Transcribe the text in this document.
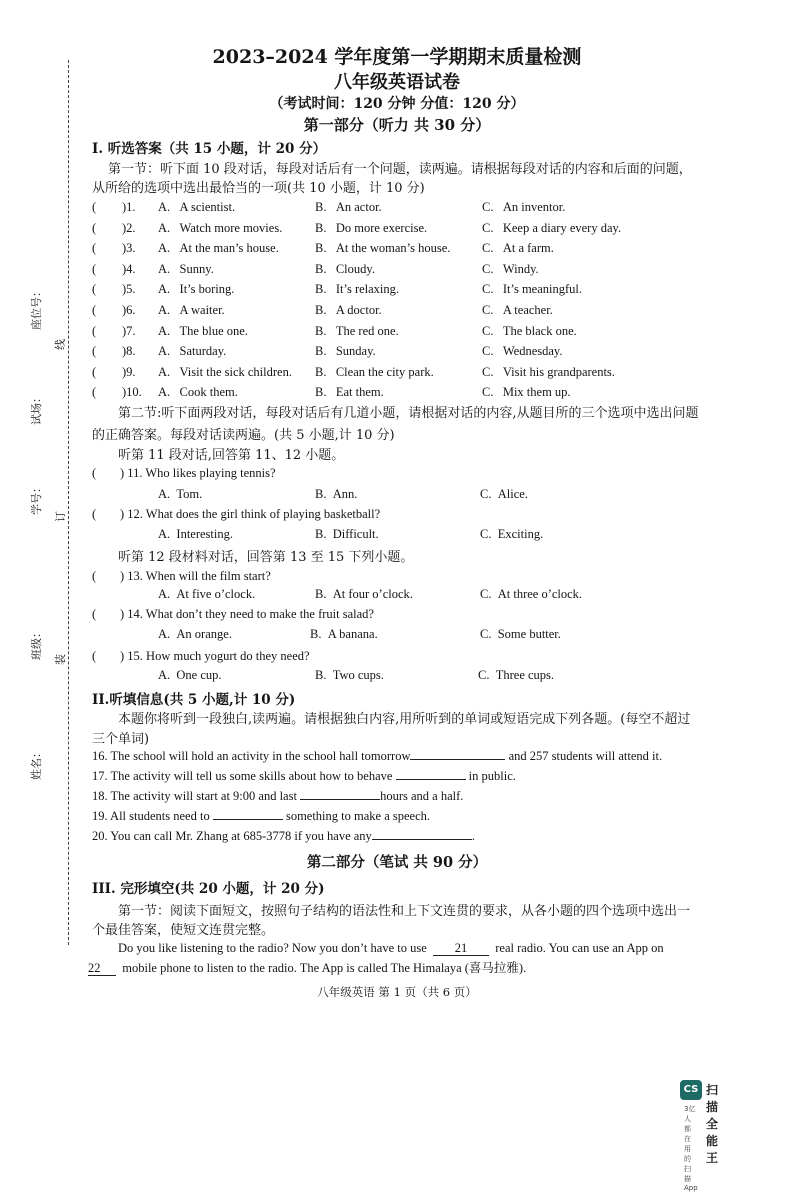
座位号：
线
试场：
学号：
订
班级： 装
姓名：
2023–2024 学年度第一学期期末质量检测
八年级英语试卷
（考试时间：120 分钟 分值：120 分）
第一部分（听力 共 30 分）
I. 听选答案（共 15 小题，计 20 分）
第一节：听下面 10 段对话，每段对话后有一个问题，读两遍。请根据每段对话的内容和后面的问题，
从所给的选项中选出最恰当的一项(共 10 小题，计 10 分)
( )1. A.   A scientist.	B.   An actor.	C.   An inventor.
( )2. A.   Watch more movies.	B.   Do more exercise.	C.   Keep a diary every day.
( )3. A.   At the man’s house.	B.   At the woman’s house.	C.   At a farm.
( )4. A.   Sunny.	B.   Cloudy.	C.   Windy.
( )5. A.   It’s boring.	B.   It’s relaxing.	C.   It’s meaningful.
( )6. A.   A waiter.	B.   A doctor.	C.   A teacher.
( )7. A.   The blue one.	B.   The red one.	C.   The black one.
( )8. A.   Saturday.	B.   Sunday.	C.   Wednesday.
( )9. A.   Visit the sick children. B.   Clean the city park.	C.   Visit his grandparents.
( )10. A.   Cook them.	B.   Eat them.	C.   Mix them up.
第二节:听下面两段对话，每段对话后有几道小题，请根据对话的内容,从题目所的三个选项中选出问题
的正确答案。每段对话读两遍。(共 5 小题,计 10 分)
听第 11 段对话,回答第 11、12 小题。
( ) 11. Who likes playing tennis?
A.  Tom.	B.  Ann.	C.  Alice.
( ) 12. What does the girl think of playing basketball?
A.  Interesting.	B.  Difficult.	C.  Exciting.
听第 12 段材料对话，回答第 13 至 15 下列小题。
( ) 13. When will the film start?
A.  At five o’clock.	B.  At four o’clock.	C.  At three o’clock.
( ) 14. What don’t they need to make the fruit salad?
A.  An orange.	B.  A banana.	C.  Some butter.
( ) 15. How much yogurt do they need?
A.  One cup.	B.  Two cups.	C.  Three cups.
II.听填信息(共 5 小题,计 10 分)
本题你将听到一段独白,读两遍。请根据独白内容,用所听到的单词或短语完成下列各题。(每空不超过
三个单词)
16. The school will hold an activity in the school hall tomorrow	and 257 students will attend it.
17. The activity will tell us some skills about how to behave	in public.
18. The activity will start at 9:00 and last	hours and a half.
19. All students need to	something to make a speech.
20. You can call Mr. Zhang at 685-3778 if you have any	.
第二部分（笔试 共 90 分）
III. 完形填空(共 20 小题，计 20 分)
第一节：阅读下面短文，按照句子结构的语法性和上下文连贯的要求，从各小题的四个选项中选出一
个最佳答案，使短文连贯完整。
Do you like listening to the radio? Now you don’t have to use 21 real radio. You can use an App on
22 mobile phone to listen to the radio. The App is called The Himalaya (喜马拉雅).
八年级英语 第 1 页（共 6 页）
CS 扫描全能王
3亿人都在用的扫描App
